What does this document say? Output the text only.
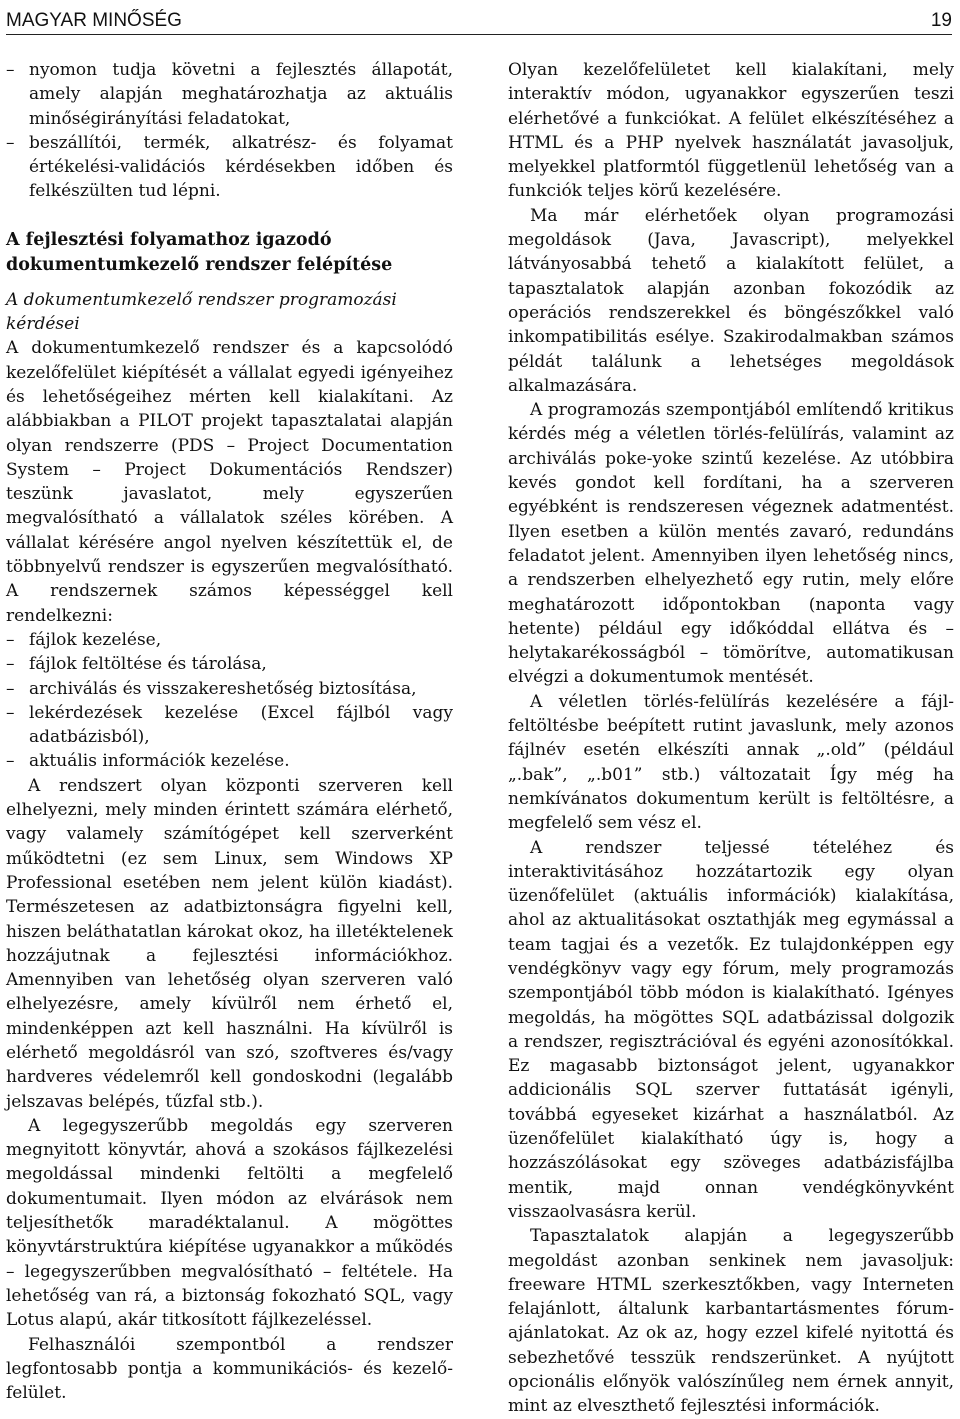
MAGYAR MINŐSÉG	19
– nyomon tudja követni a fejlesztés állapotát, amely alapján meghatározhatja az aktuális minőségirányítási feladatokat,
– beszállítói, termék, alkatrész- és folyamat értékelési-validációs kérdésekben időben és felkészülten tud lépni.
A fejlesztési folyamathoz igazodó dokumentumkezelő rendszer felépítése

A dokumentumkezelő rendszer programozási kérdései

A dokumentumkezelő rendszer és a kapcsolódó kezelőfelület kiépítését a vállalat egyedi igényeihez és lehetőségeihez mérten kell kialakítani. Az alábbiakban a PILOT projekt tapasztalatai alapján olyan rendszerre (PDS – Project Documentation System – Project Dokumentációs Rendszer) teszünk javaslatot, mely egyszerűen megvalósítható a vállalatok széles körében. A vállalat kérésére angol nyelven készítettük el, de többnyelvű rendszer is egyszerűen megvalósítható. A rendszernek számos képességgel kell rendelkezni:

– fájlok kezelése,
– fájlok feltöltése és tárolása,
– archiválás és visszakereshetőség biztosítása,
– lekérdezések kezelése (Excel fájlból vagy adatbázisból),
– aktuális információk kezelése.

A rendszert olyan központi szerveren kell elhelyezni, mely minden érintett számára elérhető, vagy valamely számítógépet kell szerverként működtetni (ez sem Linux, sem Windows XP Professional esetében nem jelent külön kiadást). Természetesen az adatbiztonságra figyelni kell, hiszen beláthatatlan károkat okoz, ha illetéktelenek hozzájutnak a fejlesztési információkhoz. Amennyiben van lehetőség olyan szerveren való elhelyezésre, amely kívülről nem érhető el, mindenképpen azt kell használni. Ha kívülről is elérhető megoldásról van szó, szoftveres és/vagy hardveres védelemről kell gondoskodni (legalább jelszavas belépés, tűzfal stb.).

A legegyszerűbb megoldás egy szerveren megnyitott könyvtár, ahová a szokásos fájlkezelési megoldással mindenki feltölti a megfelelő dokumentumait. Ilyen módon az elvárások nem teljesíthetők maradéktalanul. A mögöttes könyvtárstruktúra kiépítése ugyanakkor a működés – legegyszerűbben megvalósítható – feltétele. Ha lehetőség van rá, a biztonság fokozható SQL, vagy Lotus alapú, akár titkosított fájlkezeléssel.

Felhasználói szempontból a rendszer legfontosabb pontja a kommunikációs- és kezelő-felület.

Olyan kezelőfelületet kell kialakítani, mely interaktív módon, ugyanakkor egyszerűen teszi elérhetővé a funkciókat. A felület elkészítéséhez a HTML és a PHP nyelvek használatát javasoljuk, melyekkel platformtól függetlenül lehetőség van a funkciók teljes körű kezelésére.

Ma már elérhetőek olyan programozási megoldások (Java, Javascript), melyekkel látványosabbá tehető a kialakított felület, a tapasztalatok alapján azonban fokozódik az operációs rendszerekkel és böngészőkkel való inkompatibilitás esélye. Szakirodalmakban számos példát találunk a lehetséges megoldások alkalmazására.

A programozás szempontjából említendő kritikus kérdés még a véletlen törlés-felülírás, valamint az archiválás poke-yoke szintű kezelése. Az utóbbira kevés gondot kell fordítani, ha a szerveren egyébként is rendszeresen végeznek adatmentést. Ilyen esetben a külön mentés zavaró, redundáns feladatot jelent. Amennyiben ilyen lehetőség nincs, a rendszerben elhelyezhető egy rutin, mely előre meghatározott időpontokban (naponta vagy hetente) például egy időkóddal ellátva és – helytakarékosságból – tömörítve, automatikusan elvégzi a dokumentumok mentését.

A véletlen törlés-felülírás kezelésére a fájl-feltöltésbe beépített rutint javaslunk, mely azonos fájlnév esetén elkészíti annak „.old” (például „.bak”, „.b01” stb.) változatait Így még ha nemkívánatos dokumentum került is feltöltésre, a megfelelő sem vész el.

A rendszer teljessé tételéhez és interaktivitásához hozzátartozik egy olyan üzenőfelület (aktuális információk) kialakítása, ahol az aktualitásokat osztathják meg egymással a team tagjai és a vezetők. Ez tulajdonképpen egy vendégkönyv vagy egy fórum, mely programozás szempontjából több módon is kialakítható. Igényes megoldás, ha mögöttes SQL adatbázissal dolgozik a rendszer, regisztrációval és egyéni azonosítókkal. Ez magasabb biztonságot jelent, ugyanakkor addicionális SQL szerver futtatását igényli, továbbá egyeseket kizárhat a használatból. Az üzenőfelület kialakítható úgy is, hogy a hozzászólásokat egy szöveges adatbázisfájlba mentik, majd onnan vendégkönyvként visszaolvasásra kerül.

Tapasztalatok alapján a legegyszerűbb megoldást azonban senkinek nem javasoljuk: freeware HTML szerkesztőkben, vagy Interneten felajánlott, általunk karbantartásmentes fórum-ajánlatokat. Az ok az, hogy ezzel kifelé nyitottá és sebezhetővé tesszük rendszerünket. A nyújtott opcionális előnyök valószínűleg nem érnek annyit, mint az elveszthető fejlesztési információk.
